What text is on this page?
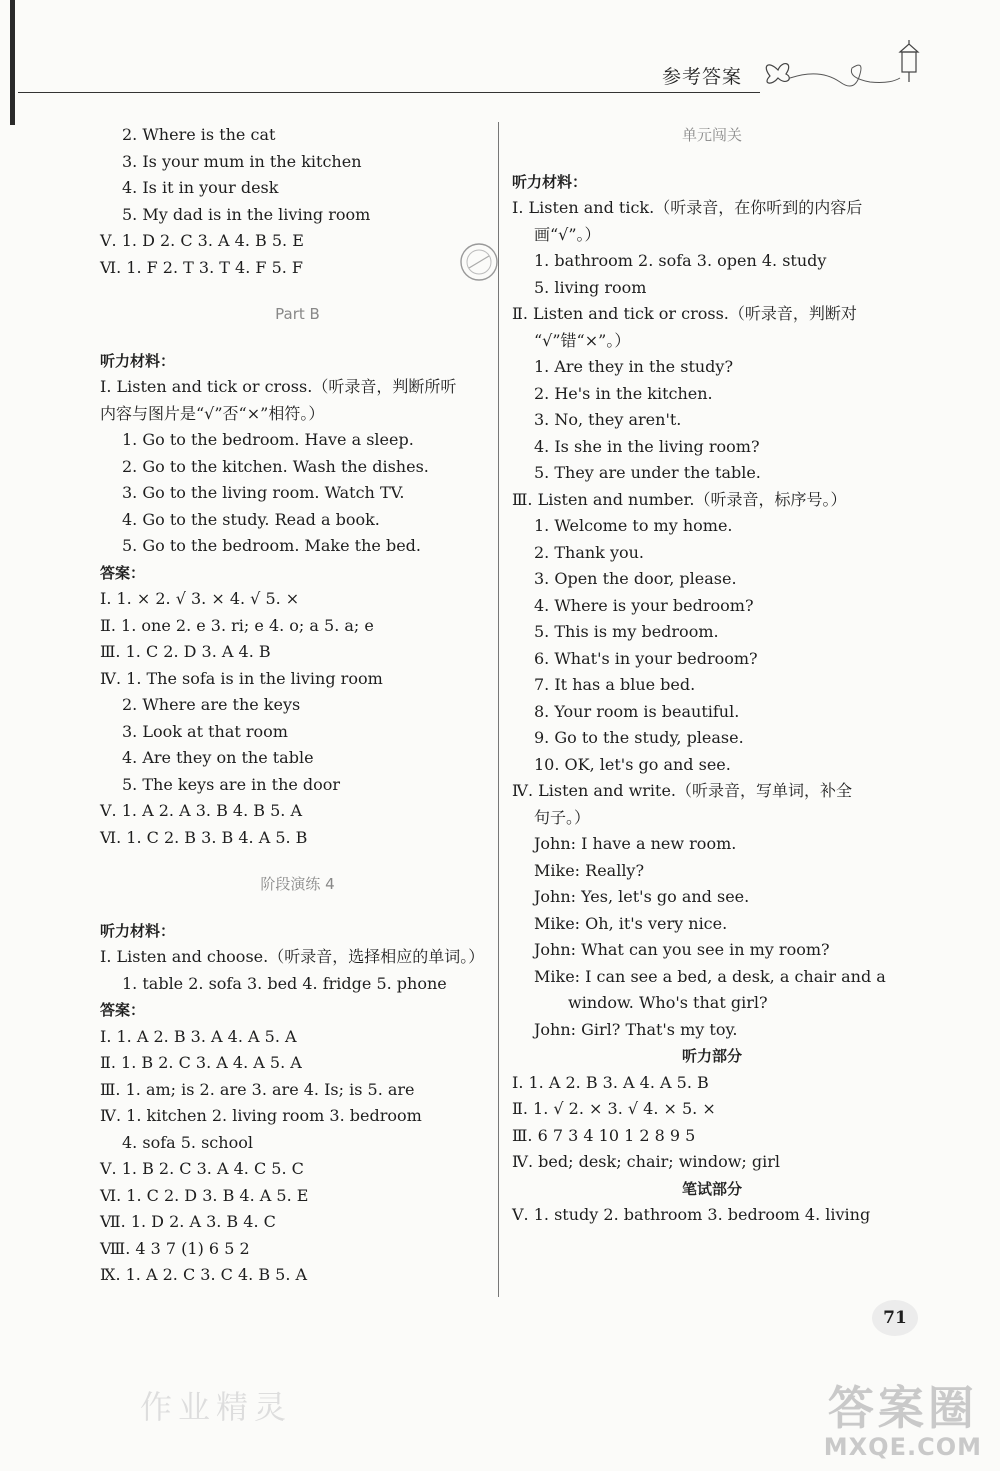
参考答案
2. Where is the cat
3. Is your mum in the kitchen
4. Is it in your desk
5. My dad is in the living room
Ⅴ. 1. D 2. C 3. A 4. B 5. E
Ⅵ. 1. F 2. T 3. T 4. F 5. F
Part B
听力材料：
Ⅰ. Listen and tick or cross.（听录音，判断所听
内容与图片是“√”否“×”相符。）
1. Go to the bedroom. Have a sleep.
2. Go to the kitchen. Wash the dishes.
3. Go to the living room. Watch TV.
4. Go to the study. Read a book.
5. Go to the bedroom. Make the bed.
答案：
Ⅰ. 1. × 2. √ 3. × 4. √ 5. ×
Ⅱ. 1. one 2. e 3. ri; e 4. o; a 5. a; e
Ⅲ. 1. C 2. D 3. A 4. B
Ⅳ. 1. The sofa is in the living room
2. Where are the keys
3. Look at that room
4. Are they on the table
5. The keys are in the door
Ⅴ. 1. A 2. A 3. B 4. B 5. A
Ⅵ. 1. C 2. B 3. B 4. A 5. B
阶段演练 4
听力材料：
Ⅰ. Listen and choose.（听录音，选择相应的单词。）
1. table 2. sofa 3. bed 4. fridge 5. phone
答案：
Ⅰ. 1. A 2. B 3. A 4. A 5. A
Ⅱ. 1. B 2. C 3. A 4. A 5. A
Ⅲ. 1. am; is 2. are 3. are 4. Is; is 5. are
Ⅳ. 1. kitchen 2. living room 3. bedroom
4. sofa 5. school
Ⅴ. 1. B 2. C 3. A 4. C 5. C
Ⅵ. 1. C 2. D 3. B 4. A 5. E
Ⅶ. 1. D 2. A 3. B 4. C
Ⅷ. 4 3 7 (1) 6 5 2
Ⅸ. 1. A 2. C 3. C 4. B 5. A
单元闯关
听力材料：
Ⅰ. Listen and tick.（听录音，在你听到的内容后
画“√”。）
1. bathroom 2. sofa 3. open 4. study
5. living room
Ⅱ. Listen and tick or cross.（听录音，判断对
“√”错“×”。）
1. Are they in the study?
2. He's in the kitchen.
3. No, they aren't.
4. Is she in the living room?
5. They are under the table.
Ⅲ. Listen and number.（听录音，标序号。）
1. Welcome to my home.
2. Thank you.
3. Open the door, please.
4. Where is your bedroom?
5. This is my bedroom.
6. What's in your bedroom?
7. It has a blue bed.
8. Your room is beautiful.
9. Go to the study, please.
10. OK, let's go and see.
Ⅳ. Listen and write.（听录音，写单词，补全
句子。）
John: I have a new room.
Mike: Really?
John: Yes, let's go and see.
Mike: Oh, it's very nice.
John: What can you see in my room?
Mike: I can see a bed, a desk, a chair and a
window. Who's that girl?
John: Girl? That's my toy.
听力部分
Ⅰ. 1. A 2. B 3. A 4. A 5. B
Ⅱ. 1. √ 2. × 3. √ 4. × 5. ×
Ⅲ. 6 7 3 4 10 1 2 8 9 5
Ⅳ. bed; desk; chair; window; girl
笔试部分
Ⅴ. 1. study 2. bathroom 3. bedroom 4. living
71
作业精灵	答案圈
MXQE.COM
